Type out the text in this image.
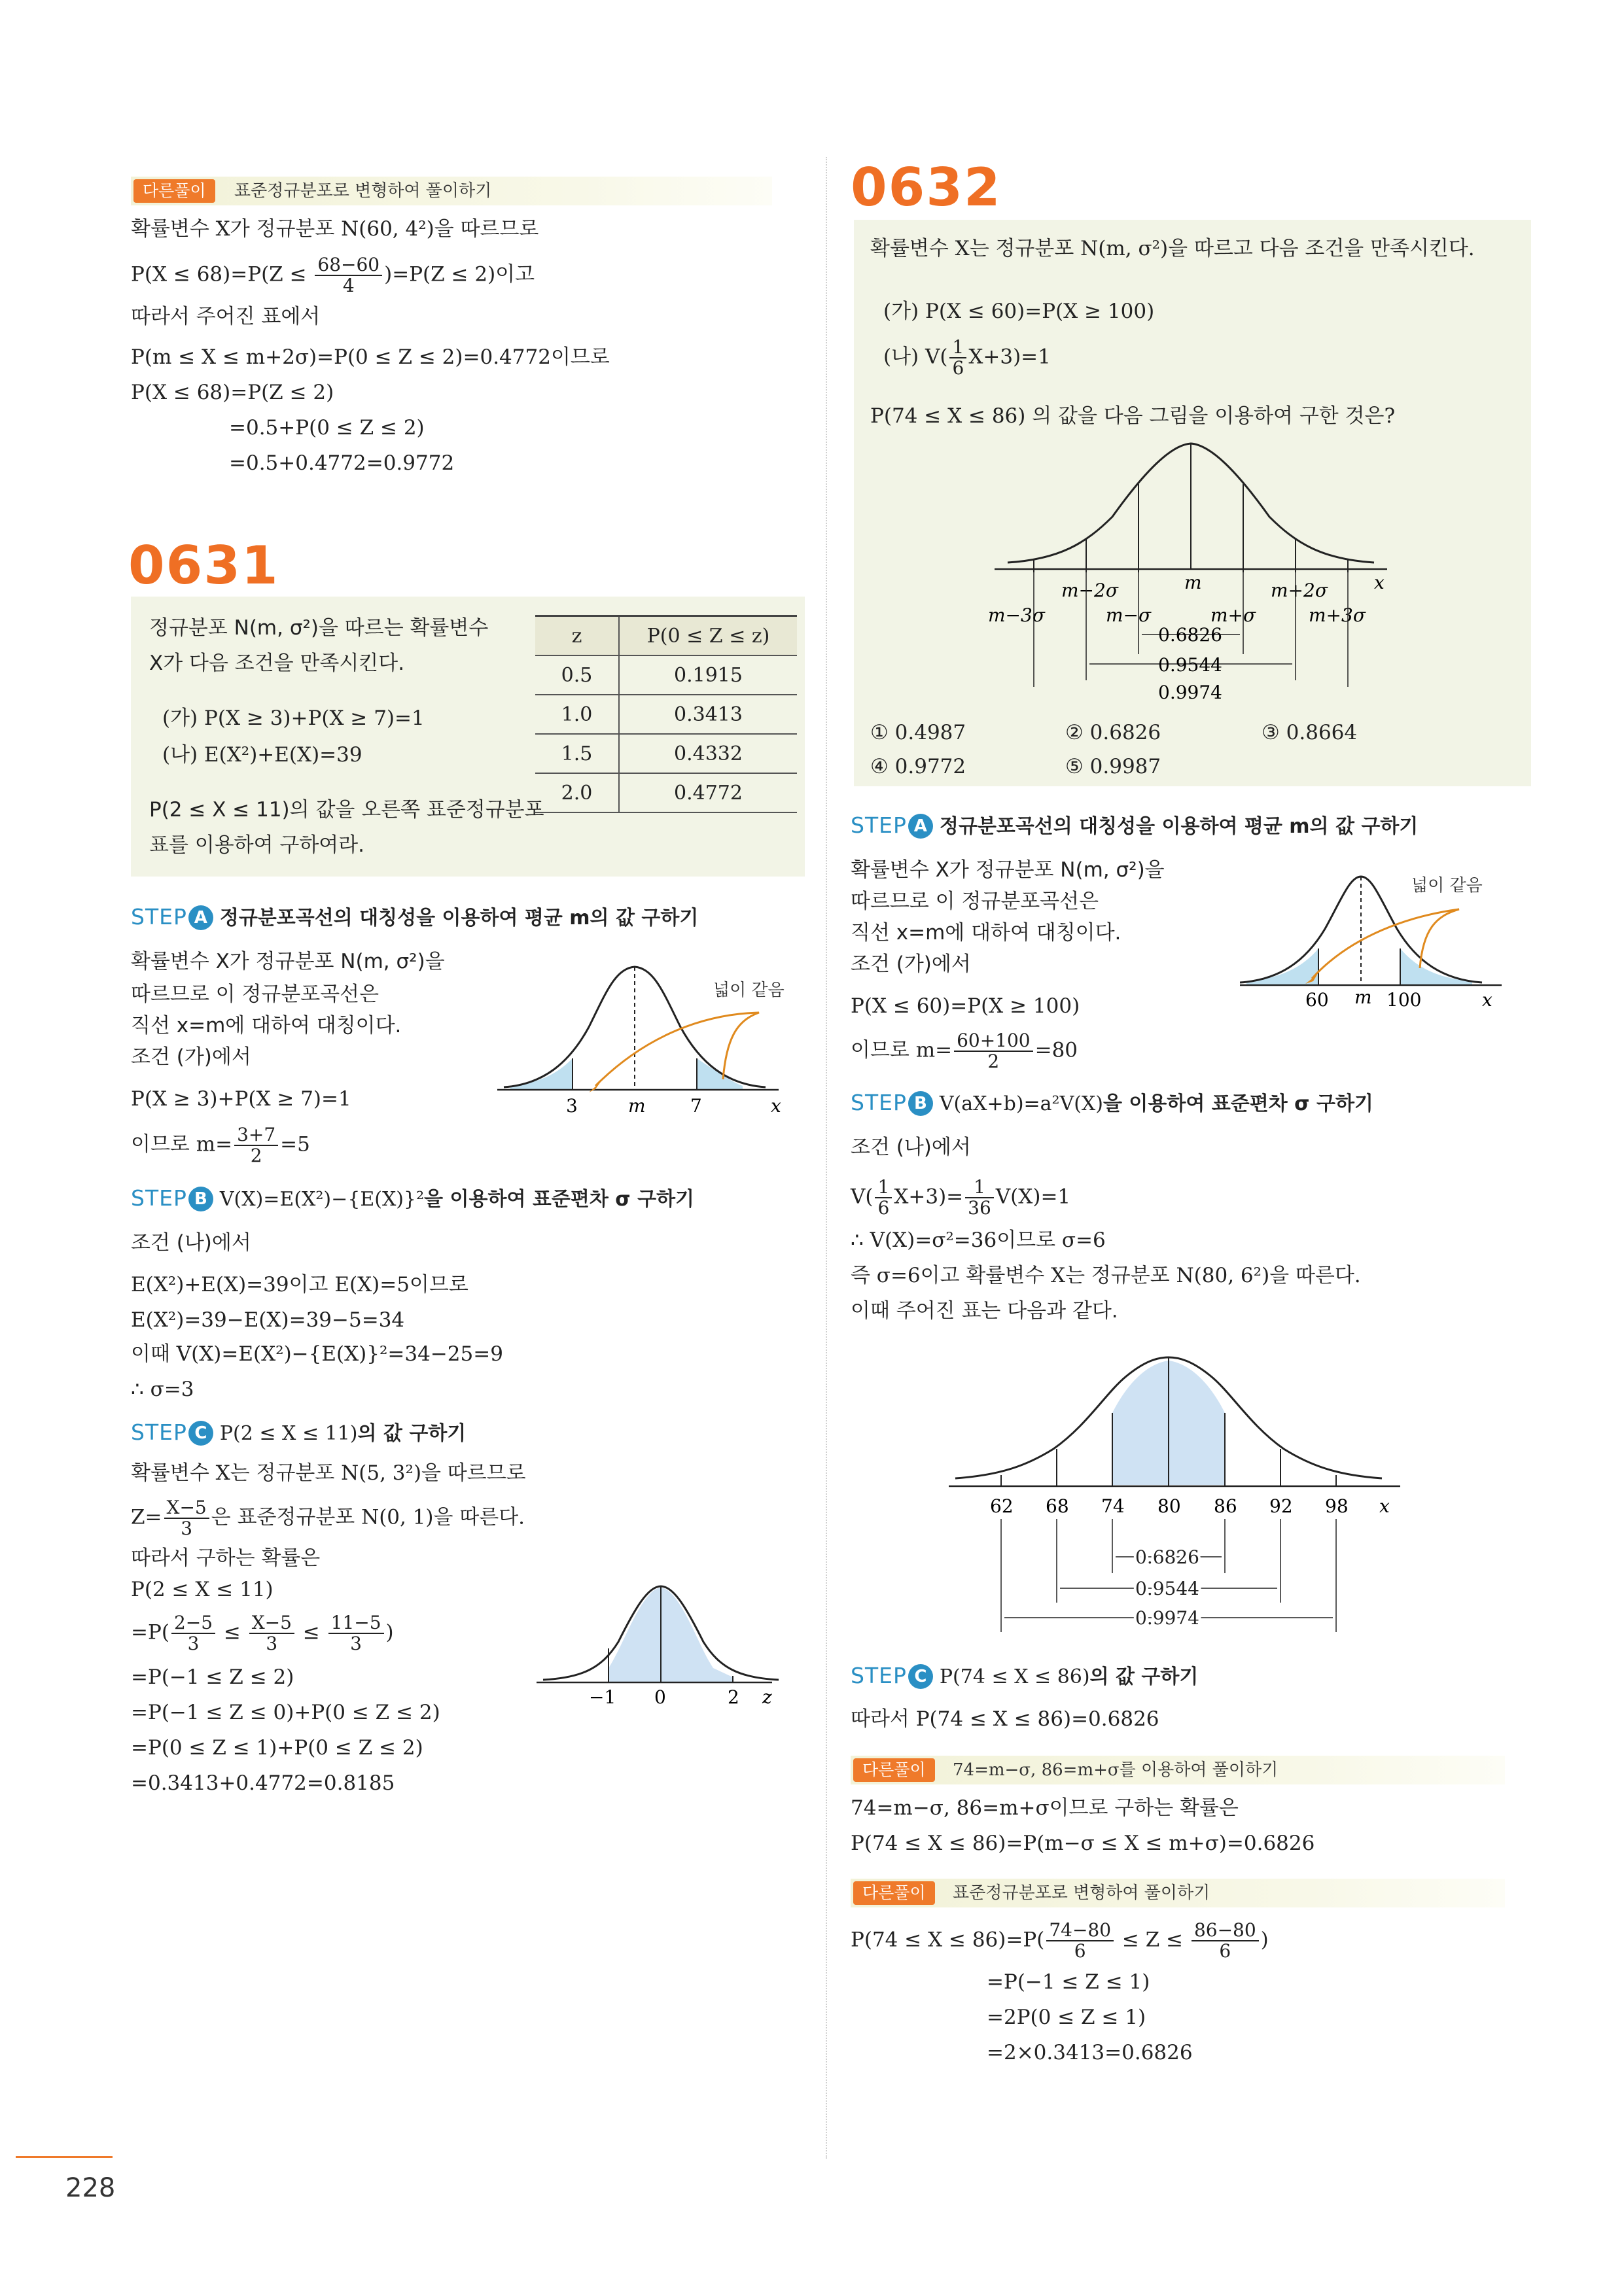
다른풀이	표준정규분포로 변형하여 풀이하기
확률변수 X가 정규분포 N(60, 4²)을 따르므로
$P(X \le 68)=P(Z \le \frac{68-60}{4} )=P(Z \le 2)$이고
따라서 주어진 표에서
P(m ≤ X ≤ m+2σ)=P(0 ≤ Z ≤ 2)=0.4772이므로
P(X ≤ 68)=P(Z ≤ 2)
=0.5+P(0 ≤ Z ≤ 2)
=0.5+0.4772=0.9772
0631
정규분포 N(m, σ²)을 따르는 확률변수
X가 다음 조건을 만족시킨다.
(가) P(X ≥ 3)+P(X ≥ 7)=1
(나) E(X²)+E(X)=39
P(2 ≤ X ≤ 11)의 값을 오른쪽 표준정규분포
표를 이용하여 구하여라.
z	P(0 ≤ Z ≤ z)
0.5	0.1915
1.0	0.3413
1.5	0.4332
2.0	0.4772
STEP A 정규분포곡선의 대칭성을 이용하여 평균 m의 값 구하기
확률변수 X가 정규분포 N(m, σ²)을
따르므로 이 정규분포곡선은
직선 x=m에 대하여 대칭이다.
조건 (가)에서
P(X ≥ 3)+P(X ≥ 7)=1
이므로 $m= \frac{3+7}{2} =5$
넓이 같음
3	m 7	x
STEP B V(X)=E(X²)−{E(X)}²을 이용하여 표준편차 σ 구하기
조건 (나)에서
E(X²)+E(X)=39이고 E(X)=5이므로
E(X²)=39−E(X)=39−5=34
이때 V(X)=E(X²)−{E(X)}²=34−25=9
∴ σ=3
STEP C P(2 ≤ X ≤ 11)의 값 구하기
확률변수 X는 정규분포 N(5, 3²)을 따르므로
$Z= \frac{X-5}{3}$ 은 표준정규분포 N(0, 1)을 따른다.
따라서 구하는 확률은
P(2 ≤ X ≤ 11)
$=P( \frac{2-5}{3} \le \frac{X-5}{3} \le \frac{11-5}{3}$ )
=P(−1 ≤ Z ≤ 2)
=P(−1 ≤ Z ≤ 0)+P(0 ≤ Z ≤ 2)
=P(0 ≤ Z ≤ 1)+P(0 ≤ Z ≤ 2)
=0.3413+0.4772=0.8185
−1 0	2 z
0632
확률변수 X는 정규분포 N(m, σ²)을 따르고 다음 조건을 만족시킨다.
(가) P(X ≤ 60)=P(X ≥ 100)
(나) $V( \frac{1}{6} X+3)=1$
P(74 ≤ X ≤ 86) 의 값을 다음 그림을 이용하여 구한 것은?
m−2σ	m	m+2σ	x
m−3σ	m−σ	m+σ	m+3σ
0.6826
0.9544
0.9974
① 0.4987	② 0.6826	③ 0.8664
④ 0.9772	⑤ 0.9987
STEP A 정규분포곡선의 대칭성을 이용하여 평균 m의 값 구하기
확률변수 X가 정규분포 N(m, σ²)을
따르므로 이 정규분포곡선은
직선 x=m에 대하여 대칭이다.
조건 (가)에서
P(X ≤ 60)=P(X ≥ 100)
이므로 $m= \frac{60+100}{2} =80$
넓이 같음
60 m 100	x
STEP B V(aX+b)=a²V(X)을 이용하여 표준편차 σ 구하기
조건 (나)에서
$V( \frac{1}{6} X+3)= \frac{1}{36} V(X)=1$
∴ V(X)=σ²=36이므로 σ=6
즉 σ=6이고 확률변수 X는 정규분포 N(80, 6²)을 따른다.
이때 주어진 표는 다음과 같다.
62 68 74 80 86 92 98 x
0.6826
0.9544
0.9974
STEP C P(74 ≤ X ≤ 86)의 값 구하기
따라서 P(74 ≤ X ≤ 86)=0.6826
다른풀이	74=m−σ, 86=m+σ를 이용하여 풀이하기
74=m−σ, 86=m+σ이므로 구하는 확률은
P(74 ≤ X ≤ 86)=P(m−σ ≤ X ≤ m+σ)=0.6826
다른풀이	표준정규분포로 변형하여 풀이하기
$P(74 \le X \le 86)=P( \frac{74-80}{6} \le Z \le \frac{86-80}{6}$ )
=P(−1 ≤ Z ≤ 1)
=2P(0 ≤ Z ≤ 1)
=2×0.3413=0.6826
228
